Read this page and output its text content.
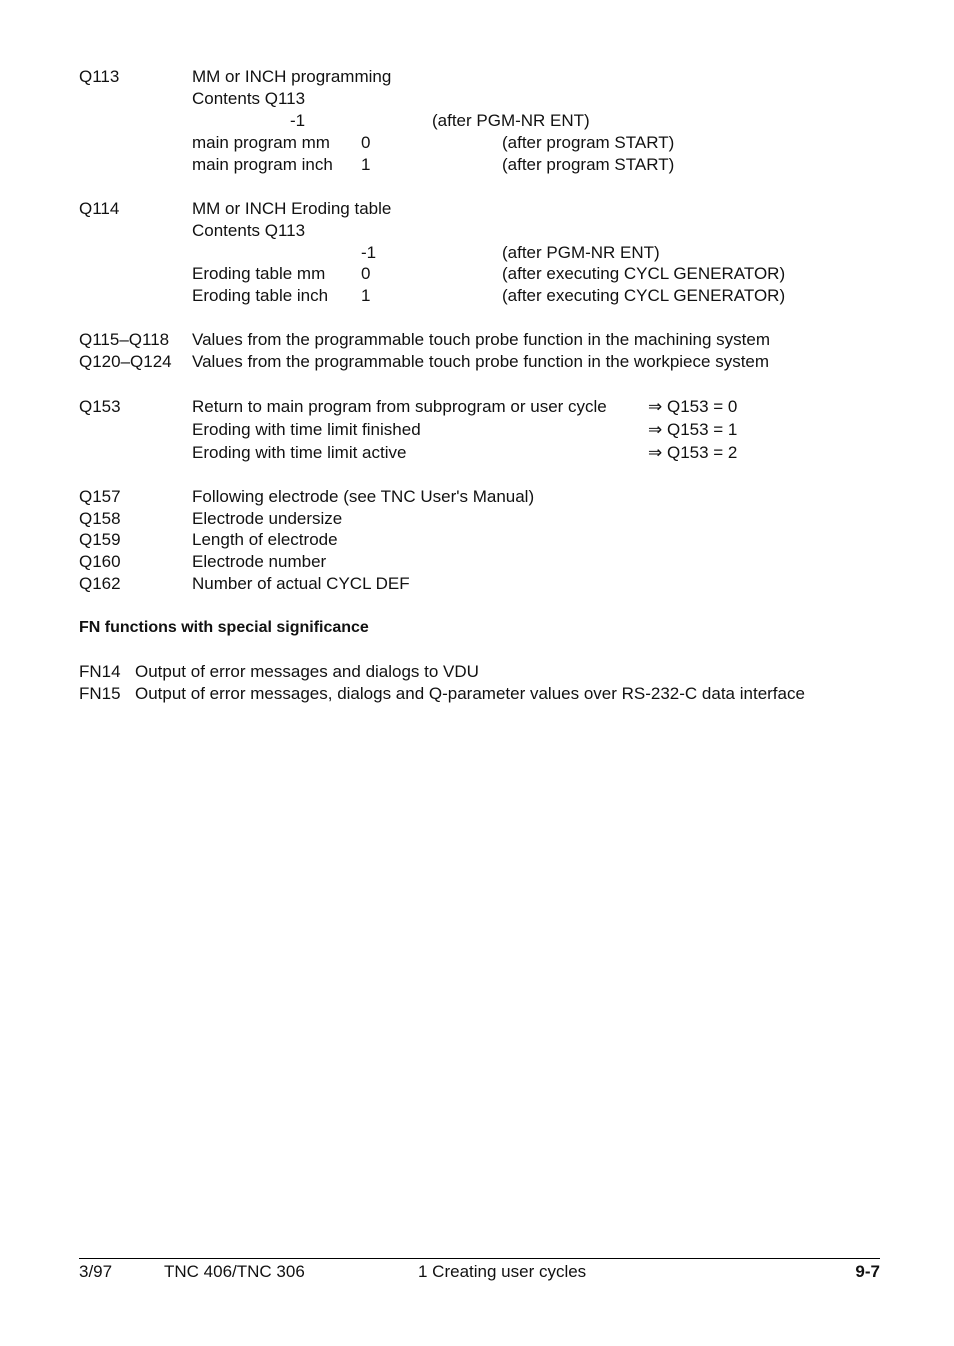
Q113	MM or INCH programming
Contents Q113
-1	(after PGM-NR ENT)
main program mm 0	(after program START)
main program inch 1	(after program START)
Q114	MM or INCH Eroding table
Contents Q113
-1	(after PGM-NR ENT)
Eroding table mm 0	(after executing CYCL GENERATOR)
Eroding table inch 1	(after executing CYCL GENERATOR)
Q115–Q118 Values from the programmable touch probe function in the machining system
Q120–Q124 Values from the programmable touch probe function in the workpiece system
Q153	Return to main program from subprogram or user cycle ⇒ Q153 = 0
Eroding with time limit finished	⇒ Q153 = 1
Eroding with time limit active	⇒ Q153 = 2
Q157	Following electrode (see TNC User's Manual)
Q158	Electrode undersize
Q159	Length of electrode
Q160	Electrode number
Q162	Number of actual CYCL DEF
FN functions with special significance
FN14 Output of error messages and dialogs to VDU
FN15 Output of error messages, dialogs and Q-parameter values over RS-232-C data interface
3/97	TNC 406/TNC 306	1 Creating user cycles	9-7
